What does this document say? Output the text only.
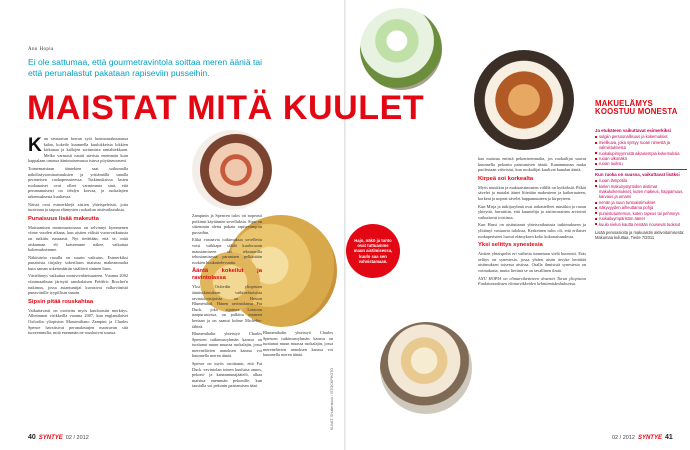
Anu Hopia
Ei ole sattumaa, että gourmetravintola soittaa meren ääniä tai että perunalastut pakataan rapiseviin pusseihin.
MAISTAT MITÄ KUULET
K un seuraavan kerran syöt luonnonrakuunassa kalaa, kokeile kuunnella kuulokkeista lokkien kirkunaa ja kallojen sortumista rantahiekkaan. Melko varmasti nautit aterista enemmän kuin kappalaan omassa äänimaisemassa istuva pöytäseuraseni.

Toimemaistaan ääntekien saat sotkumalla näkölisäysominaisuuksien ja yrttiämällä sanalla perinteisen ruokaperusteessa. Tutkimuksissa lasten ruokanaiset ovat olleet varmimmia sinä, että perunamaisesti on tehdyn korvaa, ja ruokalajien rakennuksesta kuultavaa.

Näistä ovat esimerkkejä aistien yhteispeleistä, joita tuotetaan ja taipuu elämysten ruokailun aistivaikutuksia.

Punaisuus lisää makeutta

Maistamisen monimuotoisuus on selvinnyt kymmenen viime vuoden aikana, kun aistien välistä vuorovaikutusta on tutkittu runsaasti. Nyt tiedetään, että se, mitä aiskunnan eli katseemme näkee, vaikuttaa kokemuksemme.

Näkösärön ruoalla on suurin vaikutus. Esimerkiksi punaisista tiirjaley sokeriliuos maistuu makeammalta kuin saman sokerimäärän sisältävä sininen liuos.

Värielämys vaikuttaa monivivahteisuuteen. Vuonna 2002 viinimaailmaa järisytti ranskalaisen Frédéric Brochet'n tutkimus, jossa asiantuntijat kuvasivat valkoviinistä punaviinille tyypillisin sanoin.

Sipsin pitää rouskahtaa

Vaikuttavasti on osoitettu myös kuuloaistin merkitys. Alheimmat virikkeillä vuonna 2007, kun englantilaiset Oxfordin yliopiston Massimiliano Zampini ja Charles Spence havaitsivat perunalastujen maistuvan sitä tuoreemmilta, mitä enemmän ne rouskuivat suussa.

Zampinin ja Spencen tulos on nopeasti poikinut käytännön sovelluksia. Sipsi on sittemmin alettu pakata rapisevampiin pusseihin.

Elikä vastaavia tutkimuksia sovellettu voisi vaikkapa sälälä kuuloruoan maustamiseen tai tekstuurilla tehostamisessa parantaen pelkästään ruokien houkuttelevuutta.

Ääntä kokeilut ja ravintolassa

Yksi Oxfordin yliopiston äänitutkimuksen vaihtoehtoisista ravintoloitsijoista on Heston Blumenthal. Hänen ravintolansa Fat Duck, joka sijaitsee Lontoon naapurustossa, on palkittu moneen kertaan ja on saanut kolme Michelin-tähteä.

Blumenthalin yhteistyö Charles Spencen tutkimusryhmän kanssa on tuottanut muun muassa ruokalajin, jossa merenelävien annoksen kanssa voi kuunnella meren ääniä.

Spence on myös osoittanut, että Fat Duck -ravintolan toinen kuuluisa annos, pekoni- ja kananmunajäätelö, alkaa maistua enemmän pekonille, kun taustalla soi pekonin paistamisen ääni.

Blumenthalin yhteistyö Charles Spencen tutkimusryhmän kanssa on tuottanut muun muassa ruokalajin, jossa merenelävien annoksen kanssa voi kuunnella meren ääniä.

KUVAT: Shutterstock / ISTOCKPHOTO
Hajo, näkö ja tunto ovat tuttuamme maun aistimisessa, kuulo saa sen vahvistamaan.

kaa maistua entistä pekonisemmalta, jos ruokailijat saavat kuunnella pekonin paistumisen ääntä. Kananmunan maku puolestaan vahvistui, kun ruokailijat kuulivat kanalan ääniä.

Kirpeä soi korkealta

Myös musiikin ja makuaistimusten välillä on kytköksiä. Pitkät sävelet ja matalat äänet liitetään makeuteen ja katkerauteen, korkeat ja nopeat sävelet happamuuteen ja kirpeyteen.

Kun Mirja ja tutkijaryhmä ovat tarkastelleet musiikin ja ruoan yhteyttä, havaittiin, että kuuntelija ja aistinvarainen arviointi vaikuttavat toisiinsa.

Kun Hassi on aistiuttanut yhteisvaikutusta tutkimukseen ja ylittänyt vastaavia tuloksia, Keskeinen tulos oli, että erilaiset ruokaperisteet luovat elämyksen koko kokonaisuudesta.

Yksi selittys synestesia

Aistien yhteispelin eri vaiheita tunnetaan vielä huonosti. Eräs selitys on synestesia, jossa yhden aistin ärsyke herättää aistimuksen toisessa aistissa. Osalla ihmisistä synestesia on voimakasta, mutta lievänä se on tavallinen ilmiö.

ANU HOPIA on elintarviketieteen dosentti Turun yliopiston Funktionaalisten elintarvikkeiden kehittämiskeskuksessa.

MAKUELÄMYS KOOSTUU MONESTA
Ja etukäteen vaikuttavat esimerkiksi
sulgiin persoonallisuus ja kokemukset
mielikuva, joka syntyy ruoan nimestä ja valmistuksesta
ruokalupimyynnistä aikaisempia kokemuksia
ruoan ulkonäkö
ruoan tuoksu
Kun ruoka on suussa, vaikuttavat lisäksi
ruoan lämpötila
kielen makunystyröiden aistimat makukokemukset, kuten makeus, happamuus, karvaus ja umami
nenän ja suun tuntoaistimukset
näkyvyyden aiheuttama pohja
puraistutuntemus, kuten rapeus tai pehmeys
ruokailuympäristön äänet
kuulo nielun kautta nenään nousevat tuoksut
Lisää perusasioita ja makuaistin aktivoitumisesta: Makumaa kuluttaa, Tiede 7/2011
40 SYNTYE 02 / 2012	02 / 2012 SYNTYE 41
